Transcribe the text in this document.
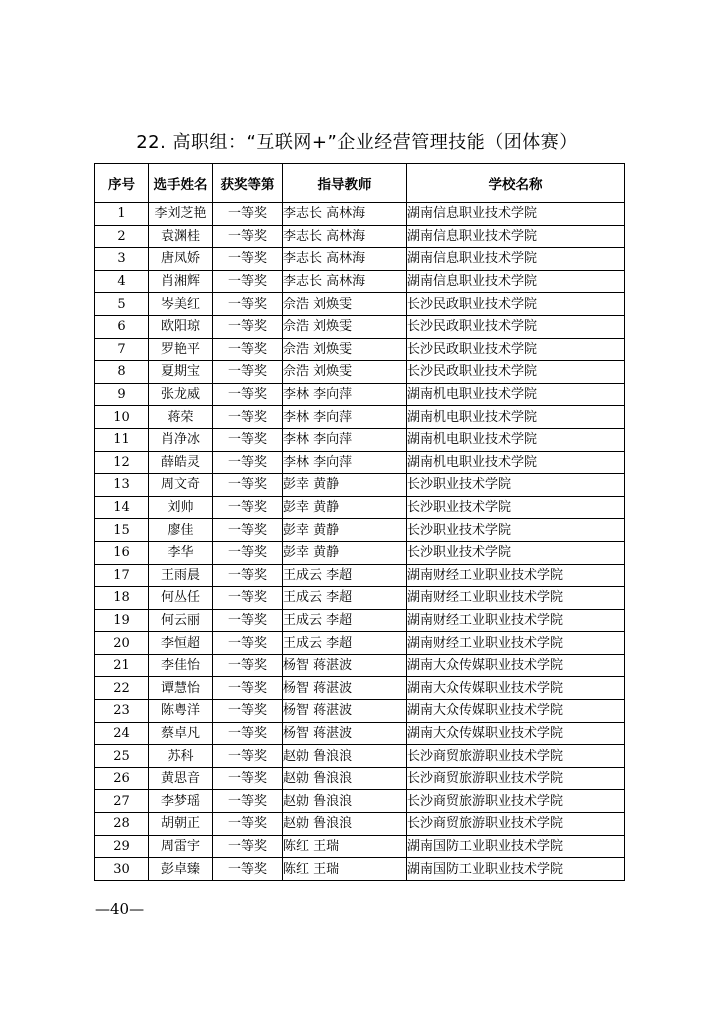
22. 高职组：“互联网+”企业经营管理技能（团体赛）
序号	选手姓名	获奖等第	指导教师	学校名称
1	李刘芝艳	一等奖	李志长 高林海	湖南信息职业技术学院
2	袁渊桂	一等奖	李志长 高林海	湖南信息职业技术学院
3	唐凤娇	一等奖	李志长 高林海	湖南信息职业技术学院
4	肖湘辉	一等奖	李志长 高林海	湖南信息职业技术学院
5	岑美红	一等奖	佘浩 刘焕雯	长沙民政职业技术学院
6	欧阳琼	一等奖	佘浩 刘焕雯	长沙民政职业技术学院
7	罗艳平	一等奖	佘浩 刘焕雯	长沙民政职业技术学院
8	夏期宝	一等奖	佘浩 刘焕雯	长沙民政职业技术学院
9	张龙威	一等奖	李林 李向萍	湖南机电职业技术学院
10	蒋荣	一等奖	李林 李向萍	湖南机电职业技术学院
11	肖净冰	一等奖	李林 李向萍	湖南机电职业技术学院
12	薛皓灵	一等奖	李林 李向萍	湖南机电职业技术学院
13	周文奇	一等奖	彭幸 黄静	长沙职业技术学院
14	刘帅	一等奖	彭幸 黄静	长沙职业技术学院
15	廖佳	一等奖	彭幸 黄静	长沙职业技术学院
16	李华	一等奖	彭幸 黄静	长沙职业技术学院
17	王雨晨	一等奖	王成云 李超	湖南财经工业职业技术学院
18	何丛任	一等奖	王成云 李超	湖南财经工业职业技术学院
19	何云丽	一等奖	王成云 李超	湖南财经工业职业技术学院
20	李恒超	一等奖	王成云 李超	湖南财经工业职业技术学院
21	李佳怡	一等奖	杨智 蒋湛波	湖南大众传媒职业技术学院
22	谭慧怡	一等奖	杨智 蒋湛波	湖南大众传媒职业技术学院
23	陈粤洋	一等奖	杨智 蒋湛波	湖南大众传媒职业技术学院
24	蔡卓凡	一等奖	杨智 蒋湛波	湖南大众传媒职业技术学院
25	苏科	一等奖	赵勍 鲁浪浪	长沙商贸旅游职业技术学院
26	黄思音	一等奖	赵勍 鲁浪浪	长沙商贸旅游职业技术学院
27	李梦瑶	一等奖	赵勍 鲁浪浪	长沙商贸旅游职业技术学院
28	胡朝正	一等奖	赵勍 鲁浪浪	长沙商贸旅游职业技术学院
29	周雷宇	一等奖	陈红 王瑞	湖南国防工业职业技术学院
30	彭卓臻	一等奖	陈红 王瑞	湖南国防工业职业技术学院
—40—
